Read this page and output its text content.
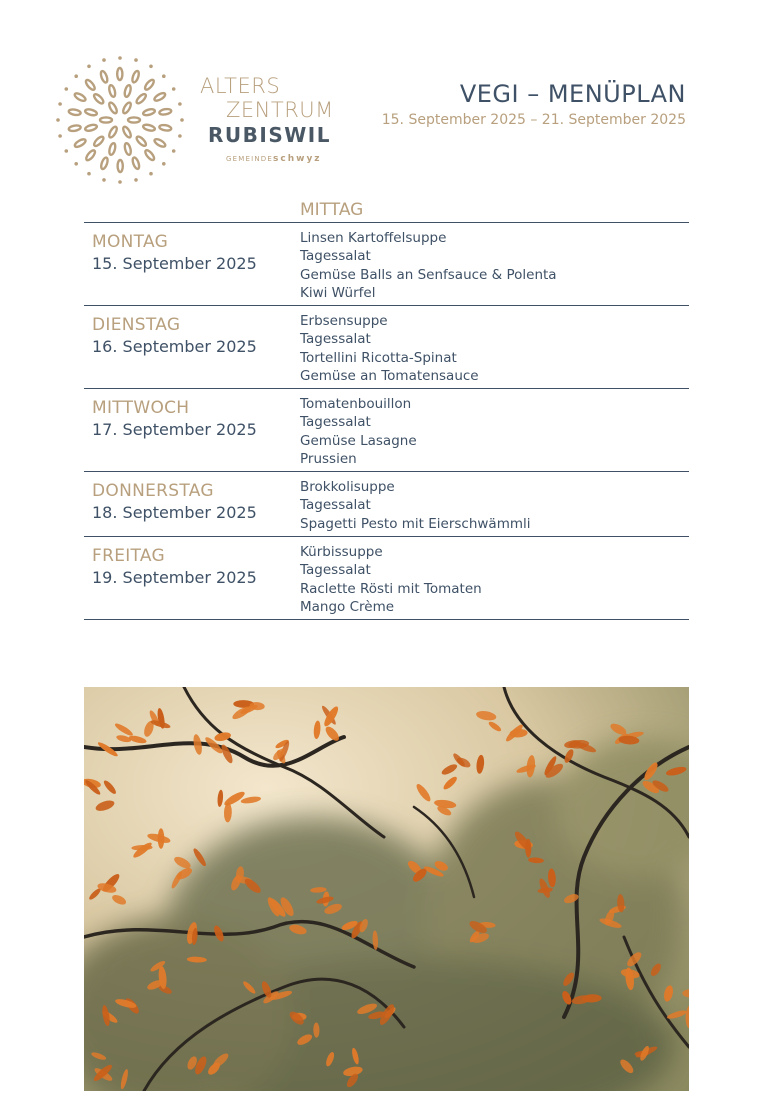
ALTERS
ZENTRUM
RUBISWIL
GEMEINDEschwyz
VEGI – MENÜPLAN
15. September 2025 – 21. September 2025
MITTAG
MONTAG
15. September 2025
Linsen Kartoffelsuppe
Tagessalat
Gemüse Balls an Senfsauce & Polenta
Kiwi Würfel
DIENSTAG
16. September 2025
Erbsensuppe
Tagessalat
Tortellini Ricotta-Spinat
Gemüse an Tomatensauce
MITTWOCH
17. September 2025
Tomatenbouillon
Tagessalat
Gemüse Lasagne
Prussien
DONNERSTAG
18. September 2025
Brokkolisuppe
Tagessalat
Spagetti Pesto mit Eierschwämmli
FREITAG
19. September 2025
Kürbissuppe
Tagessalat
Raclette Rösti mit Tomaten
Mango Crème
